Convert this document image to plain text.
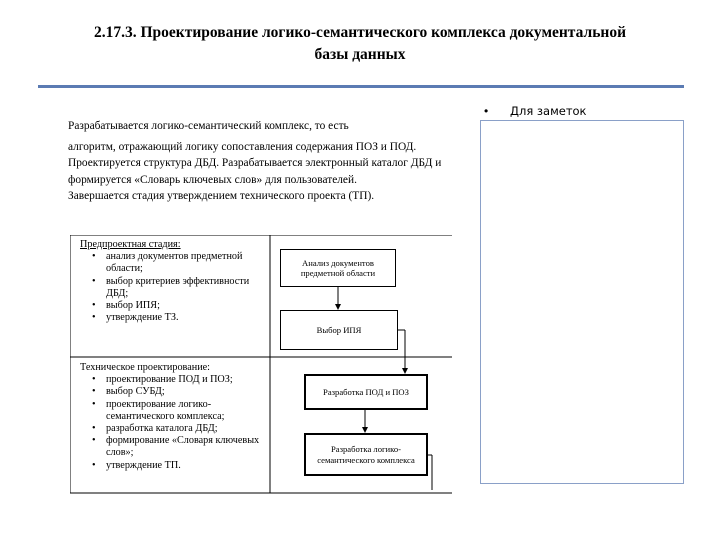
2.17.3. Проектирование логико-семантического комплекса документальной
базы данных

Разрабатывается логико-семантический комплекс, то есть

алгоритм, отражающий логику сопоставления содержания ПОЗ и ПОД. Проектируется структура ДБД. Разрабатывается электронный каталог ДБД и формируется «Словарь ключевых слов» для пользователей.

Завершается стадия утверждением технического проекта (ТП).

• Для заметок
Предпроектная стадия:
• анализ документов предметной области;
• выбор критериев эффективности ДБД;
• выбор ИПЯ;
• утверждение ТЗ.
Техническое проектирование:
• проектирование ПОД и ПОЗ;
• выбор СУБД;
• проектирование логико-семантического комплекса;
• разработка каталога ДБД;
• формирование «Словаря ключевых слов»;
• утверждение ТП.
Анализ документов предметной области
Выбор ИПЯ
Разработка ПОД и ПОЗ
Разработка логико-семантического комплекса
